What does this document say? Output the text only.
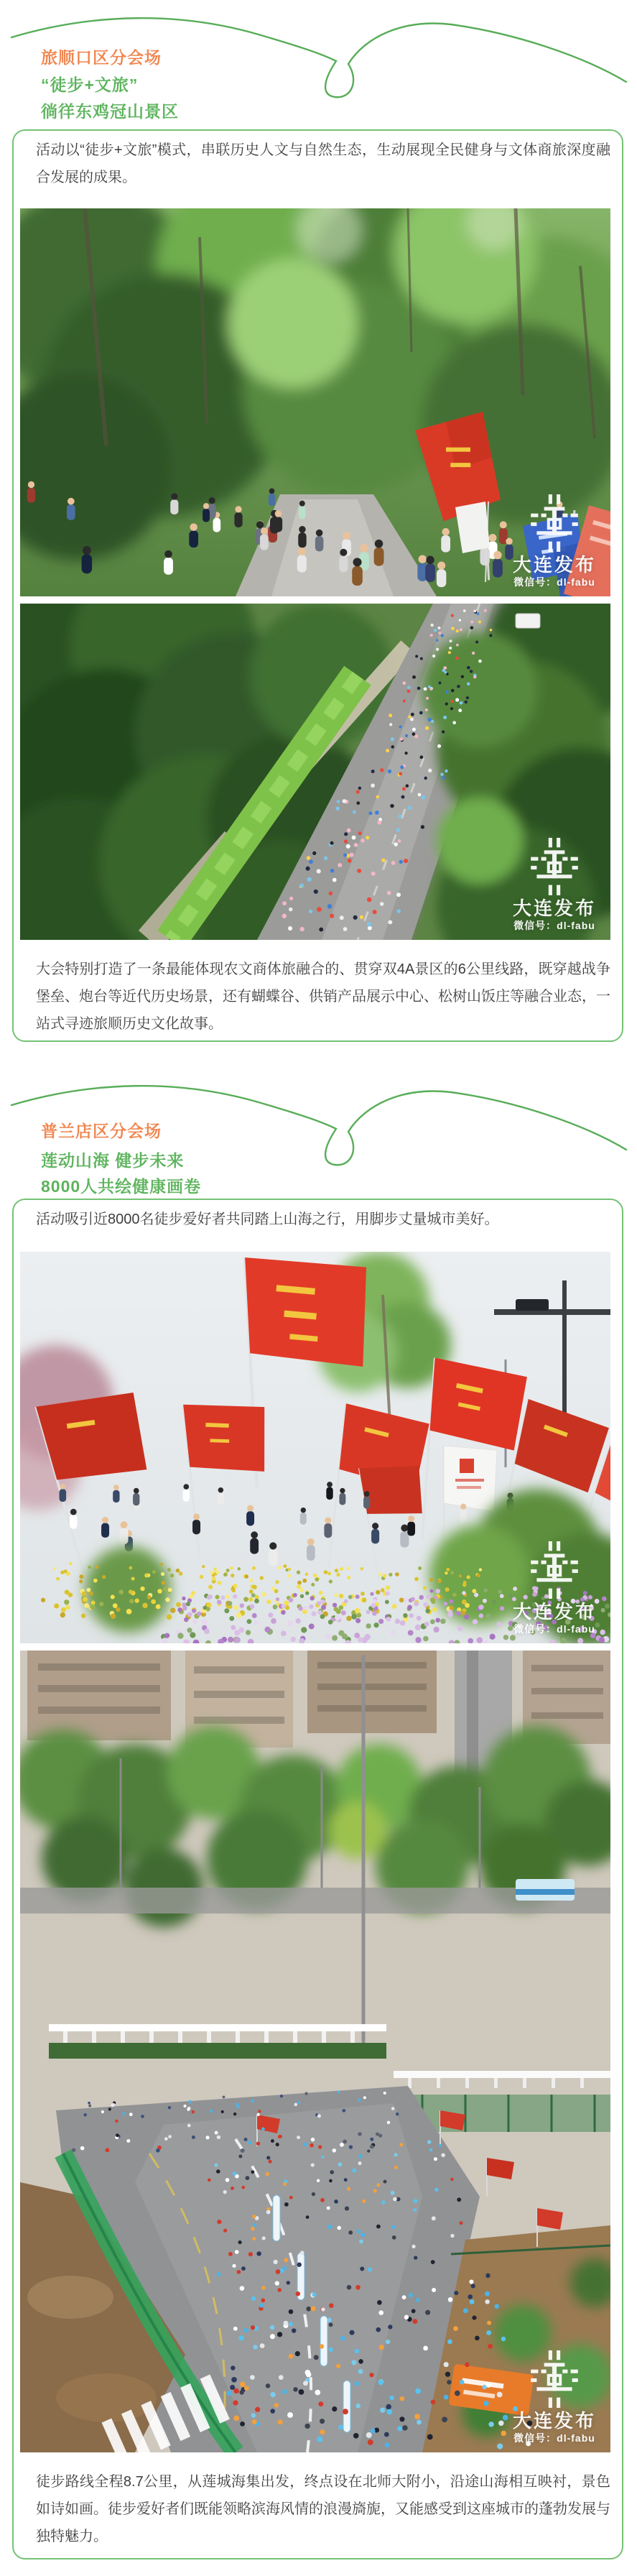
旅顺口区分会场
“徒步+文旅”
徜徉东鸡冠山景区

活动以“徒步+文旅”模式，串联历史人文与自然生态，生动展现全民健身与文体商旅深度融合发展的成果。

大连发布
微信号：dl-fabu
大连发布
微信号：dl-fabu

大会特别打造了一条最能体现农文商体旅融合的、贯穿双4A景区的6公里线路，既穿越战争堡垒、炮台等近代历史场景，还有蝴蝶谷、供销产品展示中心、松树山饭庄等融合业态，一站式寻迹旅顺历史文化故事。

普兰店区分会场
莲动山海 健步未来
8000人共绘健康画卷

活动吸引近8000名徒步爱好者共同踏上山海之行，用脚步丈量城市美好。

大连发布
微信号：dl-fabu
大连发布
微信号：dl-fabu

徒步路线全程8.7公里，从莲城海集出发，终点设在北师大附小，沿途山海相互映衬，景色如诗如画。徒步爱好者们既能领略滨海风情的浪漫旖旎，又能感受到这座城市的蓬勃发展与独特魅力。
